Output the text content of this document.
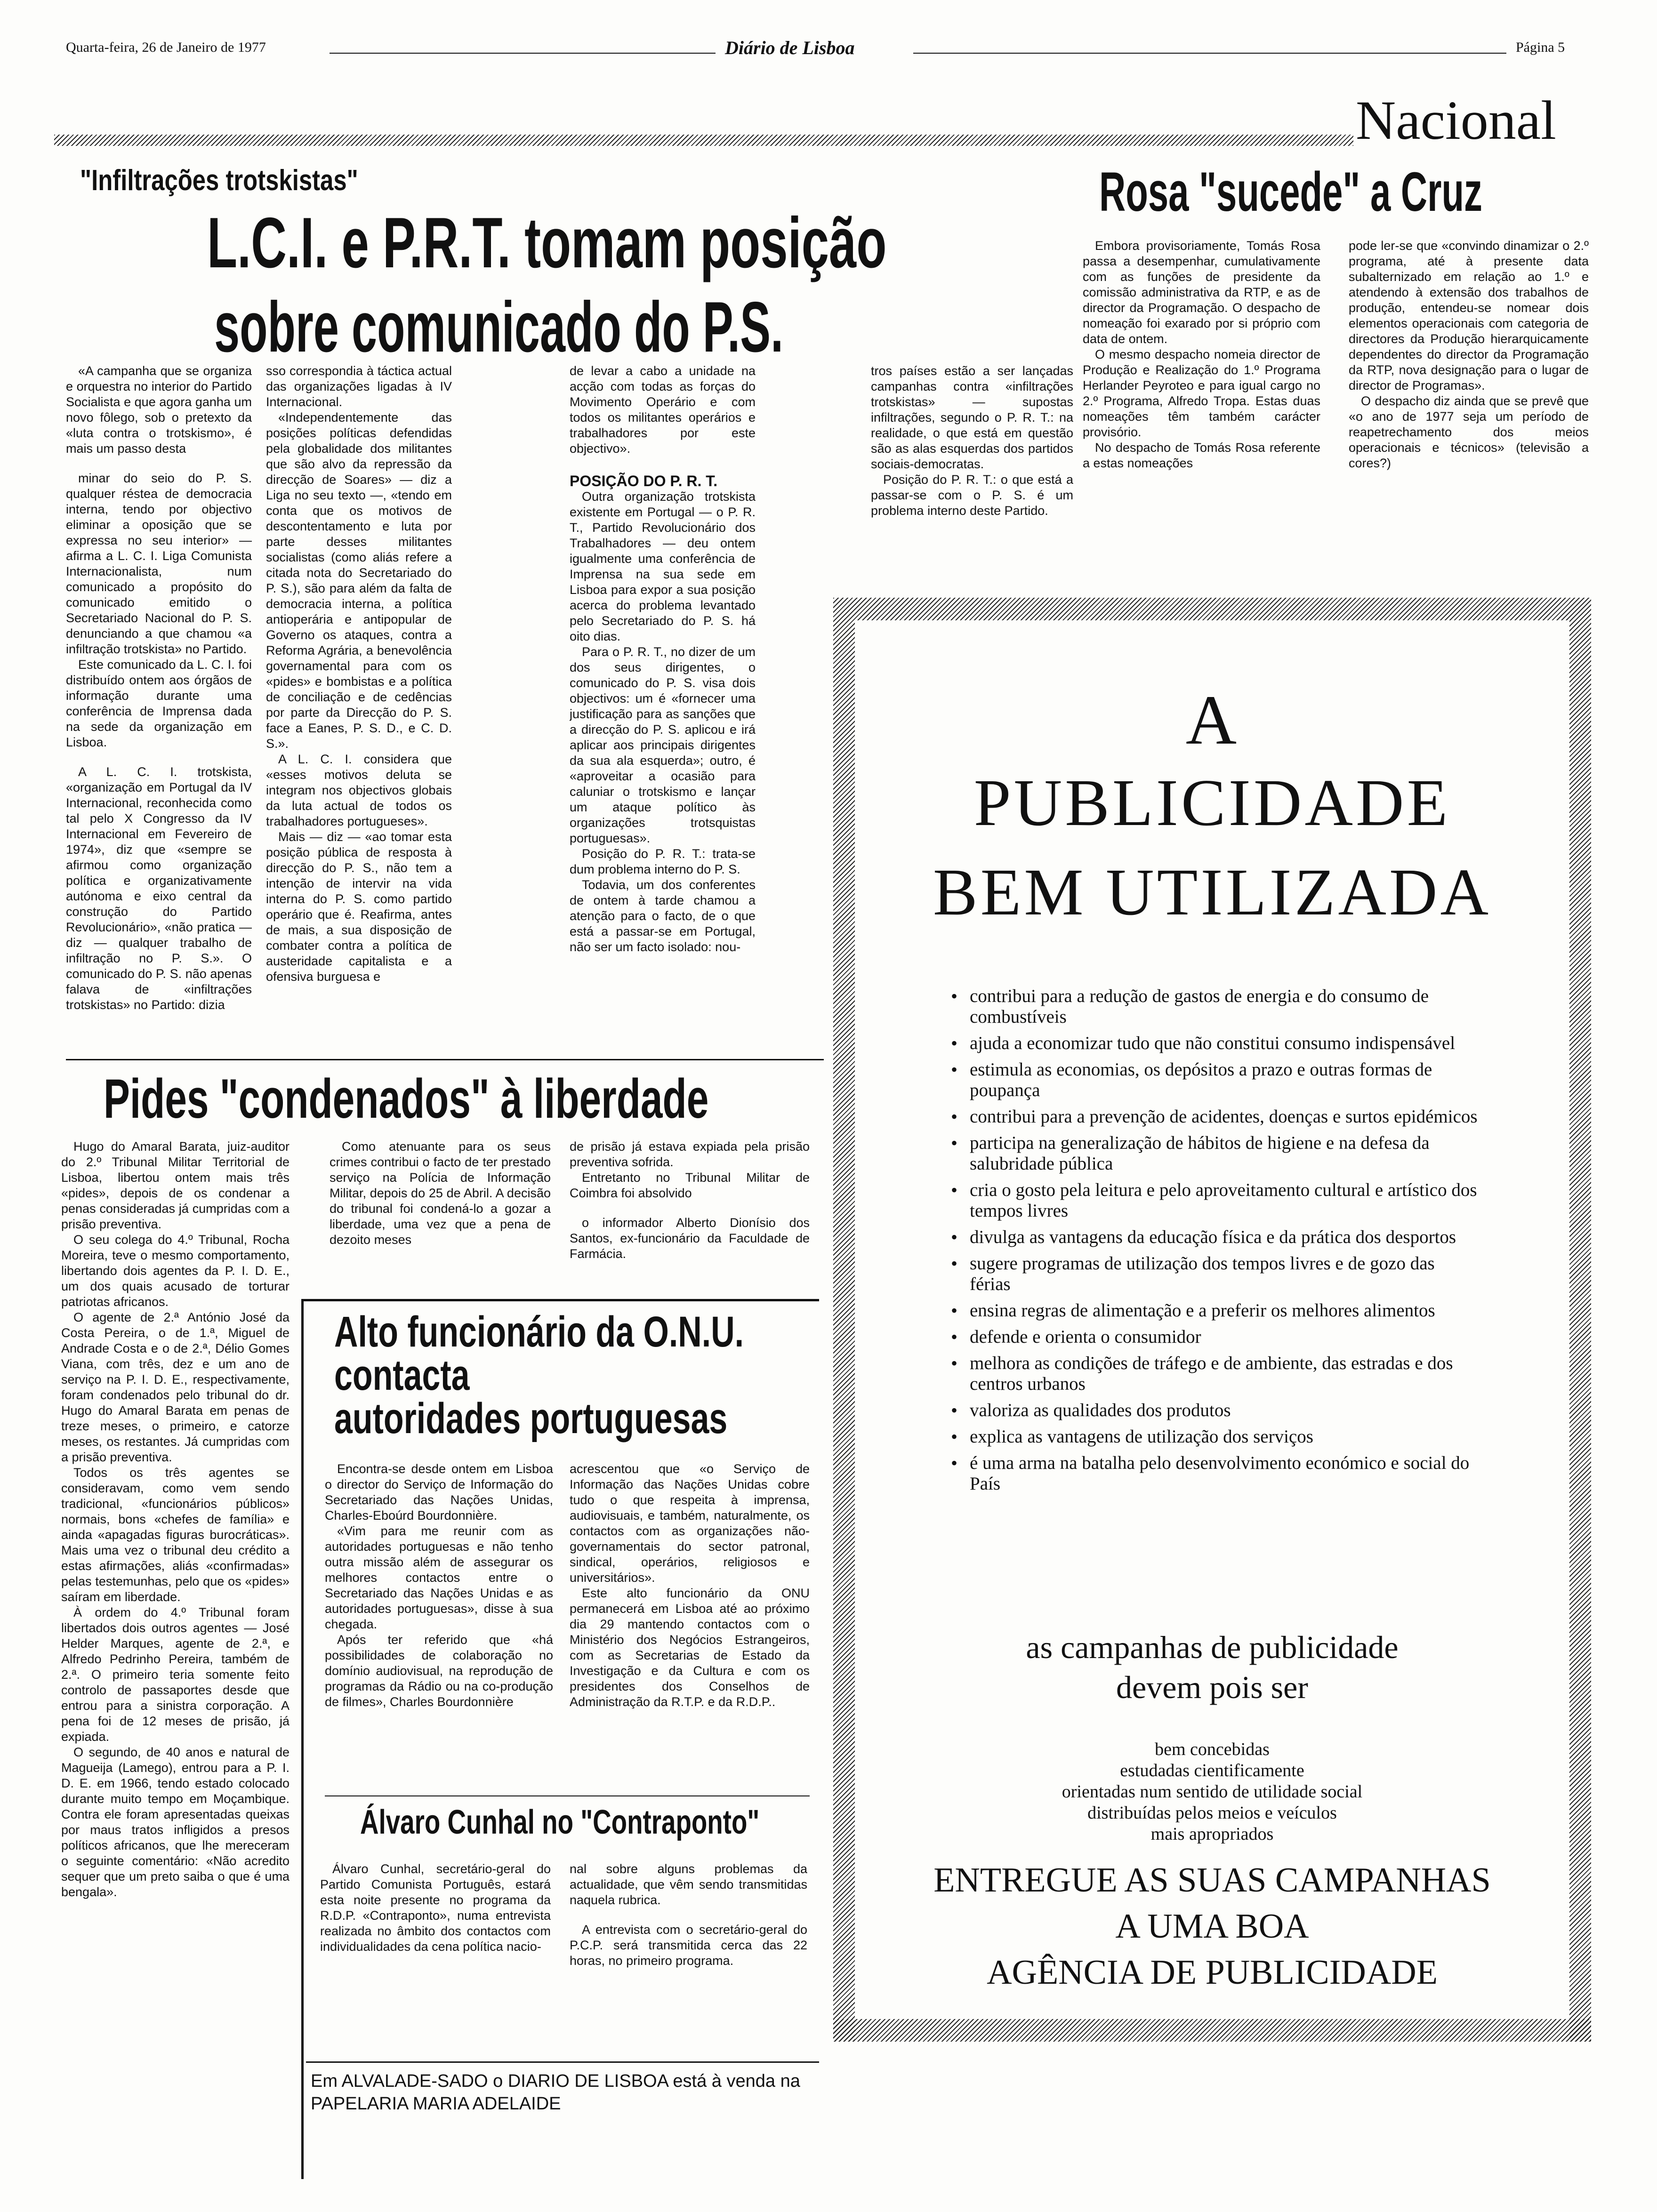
Quarta-feira, 26 de Janeiro de 1977	Diário de Lisboa	Página 5
Nacional
"Infiltrações trotskistas"
L.C.I. e P.R.T. tomam posição
sobre comunicado do P.S.

«A campanha que se organiza e orquestra no interior do Partido Socialista e que agora ganha um novo fôlego, sob o pretexto da «luta contra o trotskismo», é mais um passo desta

minar do seio do P. S. qualquer réstea de democracia interna, tendo por objectivo eliminar a oposição que se expressa no seu interior» — afirma a L. C. I. Liga Comunista Internacionalista, num comunicado a propósito do comunicado emitido o Secretariado Nacional do P. S. denunciando a que chamou «a infiltração trotskista» no Partido.

Este comunicado da L. C. I. foi distribuído ontem aos órgãos de informação durante uma conferência de Imprensa dada na sede da organização em Lisboa.

A L. C. I. trotskista, «organização em Portugal da IV Internacional, reconhecida como tal pelo X Congresso da IV Internacional em Fevereiro de 1974», diz que «sempre se afirmou como organização política e organizativamente autónoma e eixo central da construção do Partido Revolucionário», «não pratica — diz — qualquer trabalho de infiltração no P. S.». O comunicado do P. S. não apenas falava de «infiltrações trotskistas» no Partido: dizia

sso correspondia à táctica actual das organizações ligadas à IV Internacional.

«Independentemente das posições políticas defendidas pela globalidade dos militantes que são alvo da repressão da direcção de Soares» — diz a Liga no seu texto —, «tendo em conta que os motivos de descontentamento e luta por parte desses militantes socialistas (como aliás refere a citada nota do Secretariado do P. S.), são para além da falta de democracia interna, a política antioperária e antipopular de Governo os ataques, contra a Reforma Agrária, a benevolência governamental para com os «pides» e bombistas e a política de conciliação e de cedências por parte da Direcção do P. S. face a Eanes, P. S. D., e C. D. S.».

A L. C. I. considera que «esses motivos deluta se integram nos objectivos globais da luta actual de todos os trabalhadores portugueses».

Mais — diz — «ao tomar esta posição pública de resposta à direcção do P. S., não tem a intenção de intervir na vida interna do P. S. como partido operário que é. Reafirma, antes de mais, a sua disposição de combater contra a política de austeridade capitalista e a ofensiva burguesa e

de levar a cabo a unidade na acção com todas as forças do Movimento Operário e com todos os militantes operários e trabalhadores por este objectivo».

POSIÇÃO DO P. R. T.

Outra organização trotskista existente em Portugal — o P. R. T., Partido Revolucionário dos Trabalhadores — deu ontem igualmente uma conferência de Imprensa na sua sede em Lisboa para expor a sua posição acerca do problema levantado pelo Secretariado do P. S. há oito dias.

Para o P. R. T., no dizer de um dos seus dirigentes, o comunicado do P. S. visa dois objectivos: um é «fornecer uma justificação para as sanções que a direcção do P. S. aplicou e irá aplicar aos principais dirigentes da sua ala esquerda»; outro, é «aproveitar a ocasião para caluniar o trotskismo e lançar um ataque político às organizações trotsquistas portuguesas».

Posição do P. R. T.: trata-se dum problema interno do P. S.

Todavia, um dos conferentes de ontem à tarde chamou a atenção para o facto, de o que está a passar-se em Portugal, não ser um facto isolado: nou-

tros países estão a ser lançadas campanhas contra «infiltrações trotskistas» — supostas infiltrações, segundo o P. R. T.: na realidade, o que está em questão são as alas esquerdas dos partidos sociais-democratas.

Posição do P. R. T.: o que está a passar-se com o P. S. é um problema interno deste Partido.

Rosa "sucede" a Cruz

Embora provisoriamente, Tomás Rosa passa a desempenhar, cumulativamente com as funções de presidente da comissão administrativa da RTP, e as de director da Programação. O despacho de nomeação foi exarado por si próprio com data de ontem.

O mesmo despacho nomeia director de Produção e Realização do 1.º Programa Herlander Peyroteo e para igual cargo no 2.º Programa, Alfredo Tropa. Estas duas nomeações têm também carácter provisório.

No despacho de Tomás Rosa referente a estas nomeações

pode ler-se que «convindo dinamizar o 2.º programa, até à presente data subalternizado em relação ao 1.º e atendendo à extensão dos trabalhos de produção, entendeu-se nomear dois elementos operacionais com categoria de directores da Produção hierarquicamente dependentes do director da Programação da RTP, nova designação para o lugar de director de Programas».

O despacho diz ainda que se prevê que «o ano de 1977 seja um período de reapetrechamento dos meios operacionais e técnicos» (televisão a cores?)

Pides "condenados" à liberdade

Hugo do Amaral Barata, juiz-auditor do 2.º Tribunal Militar Territorial de Lisboa, libertou ontem mais três «pides», depois de os condenar a penas consideradas já cumpridas com a prisão preventiva.

O seu colega do 4.º Tribunal, Rocha Moreira, teve o mesmo comportamento, libertando dois agentes da P. I. D. E., um dos quais acusado de torturar patriotas africanos.

O agente de 2.ª António José da Costa Pereira, o de 1.ª, Miguel de Andrade Costa e o de 2.ª, Délio Gomes Viana, com três, dez e um ano de serviço na P. I. D. E., respectivamente, foram condenados pelo tribunal do dr. Hugo do Amaral Barata em penas de treze meses, o primeiro, e catorze meses, os restantes. Já cumpridas com a prisão preventiva.

Todos os três agentes se consideravam, como vem sendo tradicional, «funcionários públicos» normais, bons «chefes de família» e ainda «apagadas figuras burocráticas». Mais uma vez o tribunal deu crédito a estas afirmações, aliás «confirmadas» pelas testemunhas, pelo que os «pides» saíram em liberdade.

À ordem do 4.º Tribunal foram libertados dois outros agentes — José Helder Marques, agente de 2.ª, e Alfredo Pedrinho Pereira, também de 2.ª. O primeiro teria somente feito controlo de passaportes desde que entrou para a sinistra corporação. A pena foi de 12 meses de prisão, já expiada.

O segundo, de 40 anos e natural de Magueija (Lamego), entrou para a P. I. D. E. em 1966, tendo estado colocado durante muito tempo em Moçambique. Contra ele foram apresentadas queixas por maus tratos infligidos a presos políticos africanos, que lhe mereceram o seguinte comentário: «Não acredito sequer que um preto saiba o que é uma bengala».

Como atenuante para os seus crimes contribui o facto de ter prestado serviço na Polícia de Informação Militar, depois do 25 de Abril. A decisão do tribunal foi condená-lo a gozar a liberdade, uma vez que a pena de dezoito meses

de prisão já estava expiada pela prisão preventiva sofrida.

Entretanto no Tribunal Militar de Coimbra foi absolvido

o informador Alberto Dionísio dos Santos, ex-funcionário da Faculdade de Farmácia.

Alto funcionário da O.N.U.
contacta
autoridades portuguesas

Encontra-se desde ontem em Lisboa o director do Serviço de Informação do Secretariado das Nações Unidas, Charles-Eboúrd Bourdonnière.

«Vim para me reunir com as autoridades portuguesas e não tenho outra missão além de assegurar os melhores contactos entre o Secretariado das Nações Unidas e as autoridades portuguesas», disse à sua chegada.

Após ter referido que «há possibilidades de colaboração no domínio audiovisual, na reprodução de programas da Rádio ou na co-produção de filmes», Charles Bourdonnière

acrescentou que «o Serviço de Informação das Nações Unidas cobre tudo o que respeita à imprensa, audiovisuais, e também, naturalmente, os contactos com as organizações não-governamentais do sector patronal, sindical, operários, religiosos e universitários».

Este alto funcionário da ONU permanecerá em Lisboa até ao próximo dia 29 mantendo contactos com o Ministério dos Negócios Estrangeiros, com as Secretarias de Estado da Investigação e da Cultura e com os presidentes dos Conselhos de Administração da R.T.P. e da R.D.P..

Álvaro Cunhal no "Contraponto"

Álvaro Cunhal, secretário-geral do Partido Comunista Português, estará esta noite presente no programa da R.D.P. «Contraponto», numa entrevista realizada no âmbito dos contactos com individualidades da cena política nacio-

nal sobre alguns problemas da actualidade, que vêm sendo transmitidas naquela rubrica.

A entrevista com o secretário-geral do P.C.P. será transmitida cerca das 22 horas, no primeiro programa.

Em ALVALADE-SADO o DIARIO DE LISBOA está à venda na PAPELARIA MARIA ADELAIDE
A
PUBLICIDADE
BEM UTILIZADA
• contribui para a redução de gastos de energia e do consumo de combustíveis
• ajuda a economizar tudo que não constitui consumo indispensável
• estimula as economias, os depósitos a prazo e outras formas de poupança
• contribui para a prevenção de acidentes, doenças e surtos epidémicos
• participa na generalização de hábitos de higiene e na defesa da salubridade pública
• cria o gosto pela leitura e pelo aproveitamento cultural e artístico dos tempos livres
• divulga as vantagens da educação física e da prática dos desportos
• sugere programas de utilização dos tempos livres e de gozo das férias
• ensina regras de alimentação e a preferir os melhores alimentos
• defende e orienta o consumidor
• melhora as condições de tráfego e de ambiente, das estradas e dos centros urbanos
• valoriza as qualidades dos produtos
• explica as vantagens de utilização dos serviços
• é uma arma na batalha pelo desenvolvimento económico e social do País
as campanhas de publicidade
devem pois ser
bem concebidas
estudadas cientificamente
orientadas num sentido de utilidade social
distribuídas pelos meios e veículos
mais apropriados
ENTREGUE AS SUAS CAMPANHAS
A UMA BOA
AGÊNCIA DE PUBLICIDADE
